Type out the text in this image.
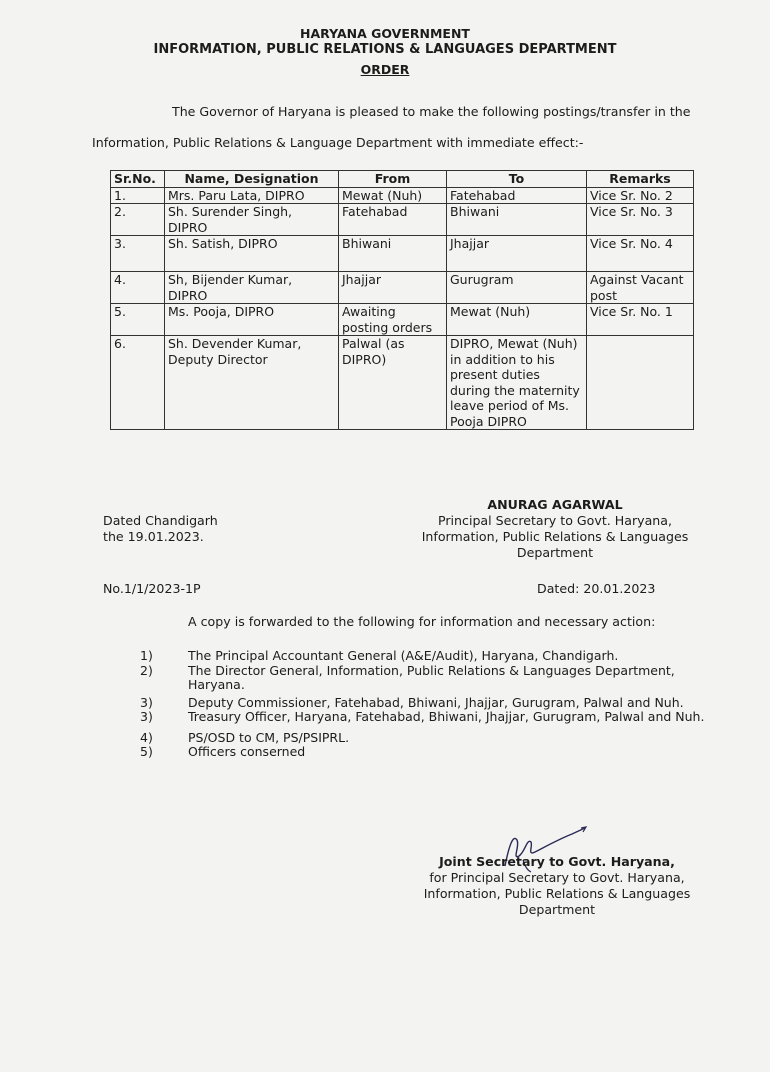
HARYANA GOVERNMENT
INFORMATION, PUBLIC RELATIONS & LANGUAGES DEPARTMENT
ORDER
The Governor of Haryana is pleased to make the following postings/transfer in the
Information, Public Relations & Language Department with immediate effect:-
Sr.No.	Name, Designation	From	To	Remarks
1.	Mrs. Paru Lata, DIPRO	Mewat (Nuh)	Fatehabad	Vice Sr. No. 2
2.	Sh. Surender Singh, DIPRO	Fatehabad	Bhiwani	Vice Sr. No. 3
3.	Sh. Satish, DIPRO	Bhiwani	Jhajjar	Vice Sr. No. 4
4.	Sh, Bijender Kumar, DIPRO	Jhajjar	Gurugram	Against Vacant post
5.	Ms. Pooja, DIPRO	Awaiting posting orders	Mewat (Nuh)	Vice Sr. No. 1
6.	Sh. Devender Kumar, Deputy Director	Palwal (as DIPRO)	DIPRO, Mewat (Nuh) in addition to his present duties during the maternity leave period of Ms. Pooja DIPRO	
Dated Chandigarh
the 19.01.2023.
ANURAG AGARWAL
Principal Secretary to Govt. Haryana,
Information, Public Relations & Languages
Department
No.1/1/2023-1P	Dated: 20.01.2023
A copy is forwarded to the following for information and necessary action:
1)	The Principal Accountant General (A&E/Audit), Haryana, Chandigarh.
2)	The Director General, Information, Public Relations & Languages Department, Haryana.
3)	Deputy Commissioner, Fatehabad, Bhiwani, Jhajjar, Gurugram, Palwal and Nuh.
3)	Treasury Officer, Haryana, Fatehabad, Bhiwani, Jhajjar, Gurugram, Palwal and Nuh.
4)	PS/OSD to CM, PS/PSIPRL.
5)	Officers conserned
Joint Secretary to Govt. Haryana,
for Principal Secretary to Govt. Haryana,
Information, Public Relations & Languages
Department
